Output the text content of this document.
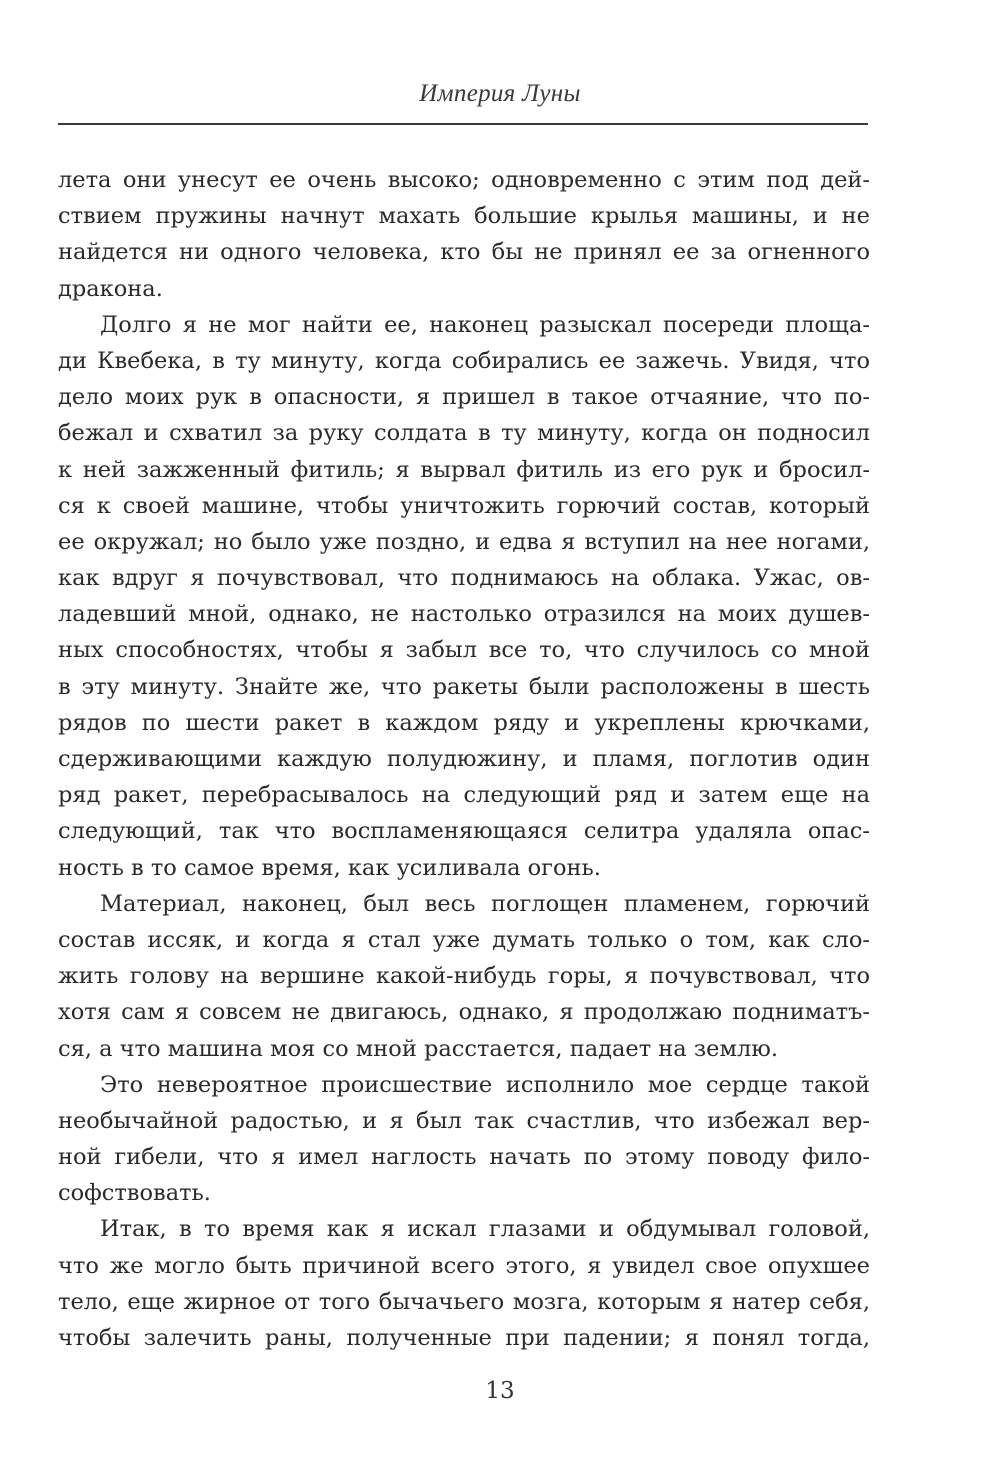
Империя Луны
лета они унесут ее очень высоко; одновременно с этим под дей-
ствием пружины начнут махать большие крылья машины, и не
найдется ни одного человека, кто бы не принял ее за огненного
дракона.
Долго я не мог найти ее, наконец разыскал посереди площа-
ди Квебека, в ту минуту, когда собирались ее зажечь. Увидя, что
дело моих рук в опасности, я пришел в такое отчаяние, что по-
бежал и схватил за руку солдата в ту минуту, когда он подносил
к ней зажженный фитиль; я вырвал фитиль из его рук и бросил-
ся к своей машине, чтобы уничтожить горючий состав, который
ее окружал; но было уже поздно, и едва я вступил на нее ногами,
как вдруг я почувствовал, что поднимаюсь на облака. Ужас, ов-
ладевший мной, однако, не настолько отразился на моих душев-
ных способностях, чтобы я забыл все то, что случилось со мной
в эту минуту. Знайте же, что ракеты были расположены в шесть
рядов по шести ракет в каждом ряду и укреплены крючками,
сдерживающими каждую полудюжину, и пламя, поглотив один
ряд ракет, перебрасывалось на следующий ряд и затем еще на
следующий, так что воспламеняющаяся селитра удаляла опас-
ность в то самое время, как усиливала огонь.
Материал, наконец, был весь поглощен пламенем, горючий
состав иссяк, и когда я стал уже думать только о том, как сло-
жить голову на вершине какой-нибудь горы, я почувствовал, что
хотя сам я совсем не двигаюсь, однако, я продолжаю подниматъ-
ся, а что машина моя со мной расстается, падает на землю.
Это невероятное происшествие исполнило мое сердце такой
необычайной радостью, и я был так счастлив, что избежал вер-
ной гибели, что я имел наглость начать по этому поводу фило-
софствовать.
Итак, в то время как я искал глазами и обдумывал головой,
что же могло быть причиной всего этого, я увидел свое опухшее
тело, еще жирное от того бычачьего мозга, которым я натер себя,
чтобы залечить раны, полученные при падении; я понял тогда,
13
